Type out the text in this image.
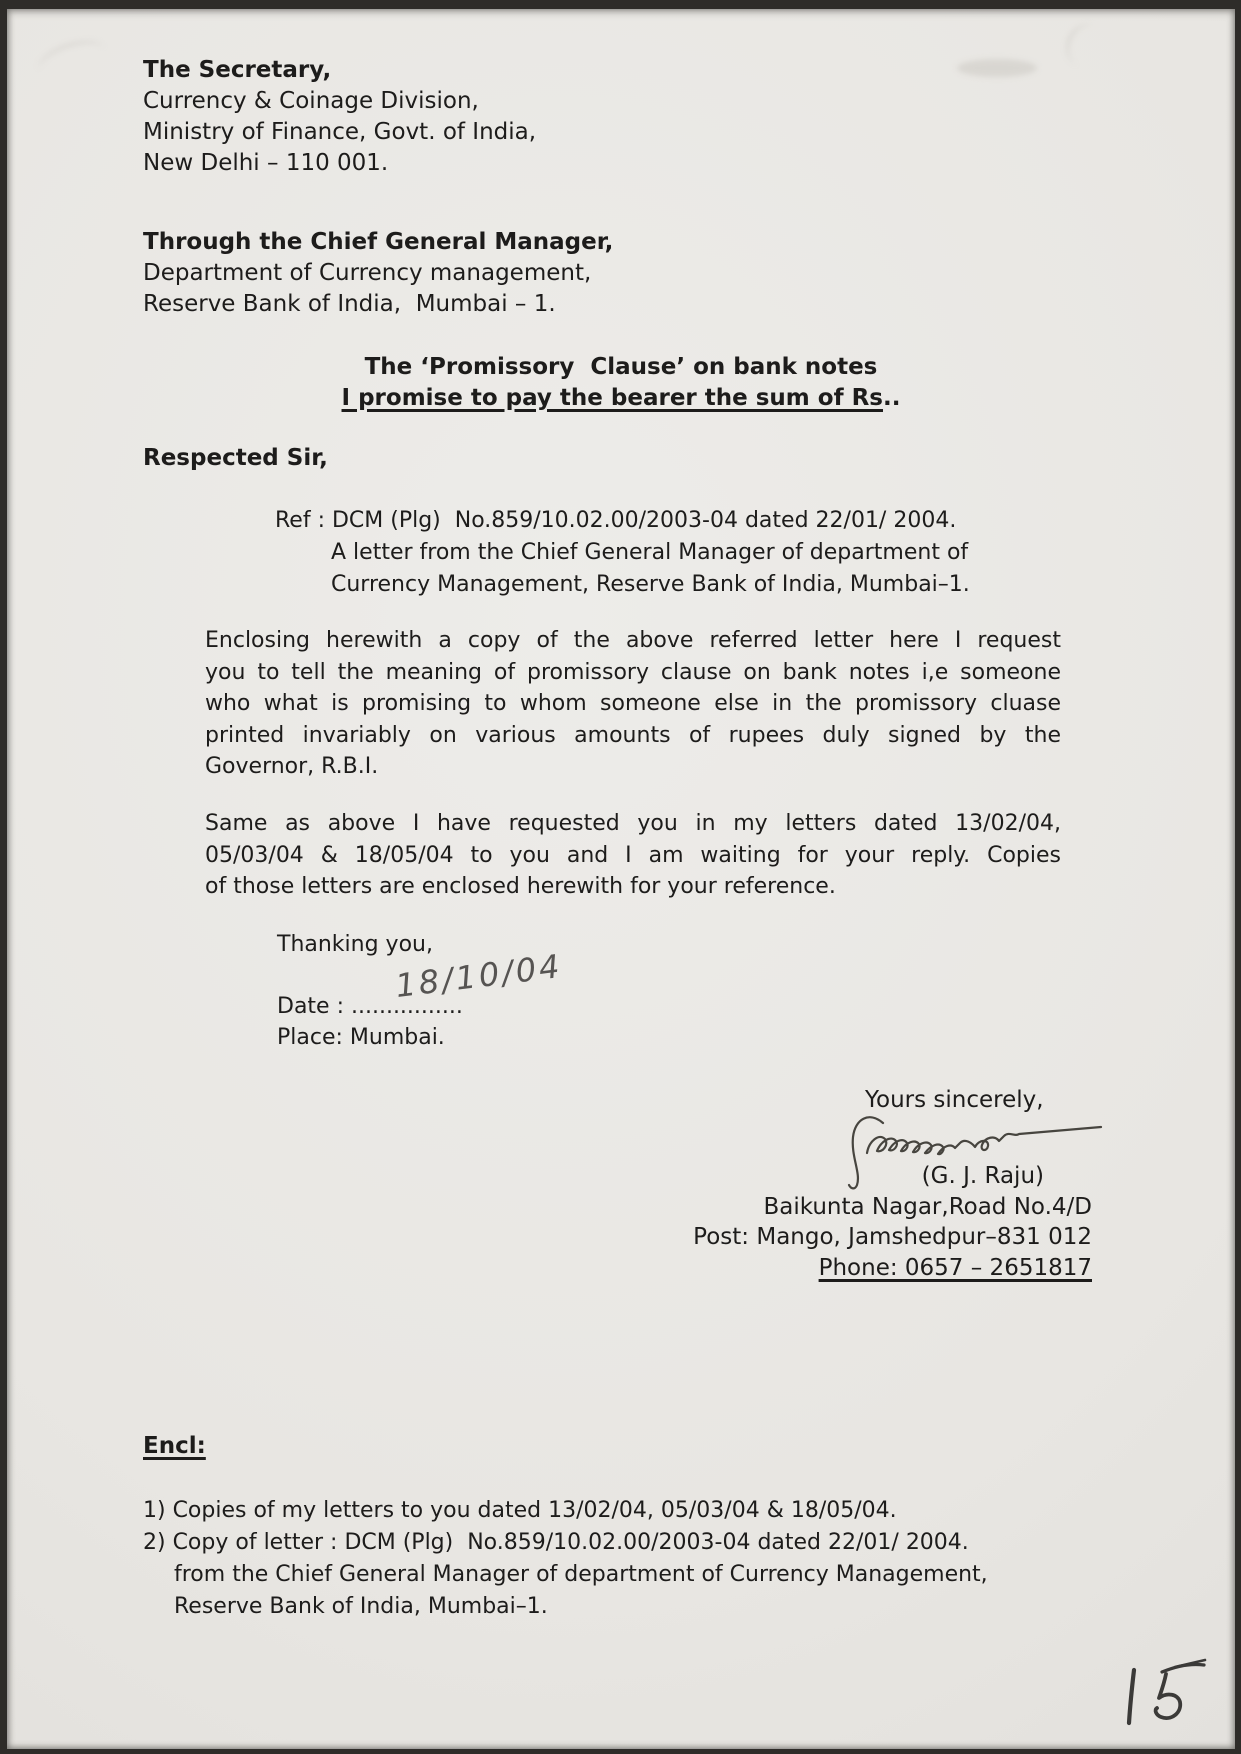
The Secretary,
Currency & Coinage Division,
Ministry of Finance, Govt. of India,
New Delhi – 110 001.
Through the Chief General Manager,
Department of Currency management,
Reserve Bank of India,  Mumbai – 1.
The ‘Promissory  Clause’ on bank notes
I promise to pay the bearer the sum of Rs..
Respected Sir,
Ref : DCM (Plg)  No.859/10.02.00/2003-04 dated 22/01/ 2004.
A letter from the Chief General Manager of department of
Currency Management, Reserve Bank of India, Mumbai–1.
Enclosing herewith a copy of the above referred letter here I request
you to tell the meaning of promissory clause on bank notes i,e someone
who what is promising to whom someone else in the promissory cluase
printed invariably on various amounts of rupees duly signed by the
Governor, R.B.I.
Same as above I have requested you in my letters dated 13/02/04,
05/03/04 & 18/05/04 to you and I am waiting for your reply. Copies
of those letters are enclosed herewith for your reference.
Thanking you,
18/10/04
Date : ................
Place: Mumbai.
Yours sincerely,
(G. J. Raju)
Baikunta Nagar,Road No.4/D
Post: Mango, Jamshedpur–831 012
Phone: 0657 – 2651817
Encl:
1) Copies of my letters to you dated 13/02/04, 05/03/04 & 18/05/04.
2) Copy of letter : DCM (Plg)  No.859/10.02.00/2003-04 dated 22/01/ 2004.
from the Chief General Manager of department of Currency Management,
Reserve Bank of India, Mumbai–1.
